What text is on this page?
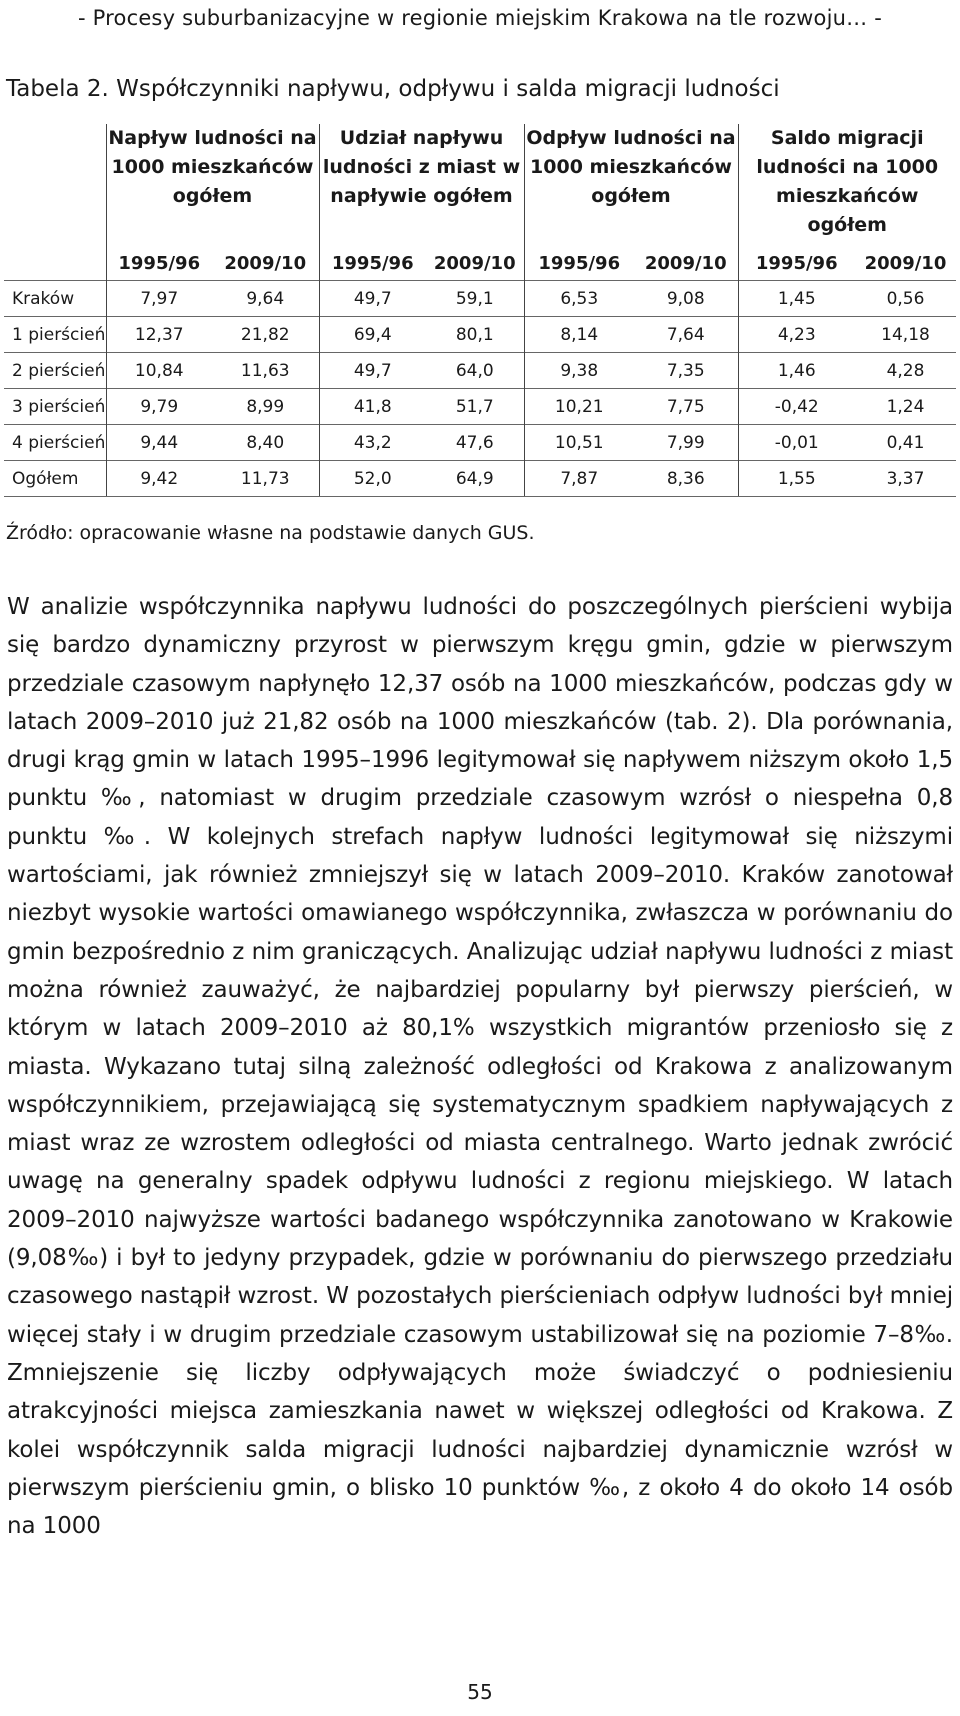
- Procesy suburbanizacyjne w regionie miejskim Krakowa na tle rozwoju… -
Tabela 2. Współczynniki napływu, odpływu i salda migracji ludności
	Napływ ludności na 1000 mieszkańców ogółem		Udział napływu ludności z miast w napływie ogółem		Odpływ ludności na 1000 mieszkańców ogółem		Saldo migracji ludności na 1000 mieszkańców ogółem	
	1995/96	2009/10	1995/96	2009/10	1995/96	2009/10	1995/96	2009/10
Kraków	7,97	9,64	49,7	59,1	6,53	9,08	1,45	0,56
1 pierścień	12,37	21,82	69,4	80,1	8,14	7,64	4,23	14,18
2 pierścień	10,84	11,63	49,7	64,0	9,38	7,35	1,46	4,28
3 pierścień	9,79	8,99	41,8	51,7	10,21	7,75	-0,42	1,24
4 pierścień	9,44	8,40	43,2	47,6	10,51	7,99	-0,01	0,41
Ogółem	9,42	11,73	52,0	64,9	7,87	8,36	1,55	3,37
Źródło: opracowanie własne na podstawie danych GUS.
W analizie współczynnika napływu ludności do poszczególnych pierścieni wybija się bardzo dynamiczny przyrost w pierwszym kręgu gmin, gdzie w pierwszym przedziale czasowym napłynęło 12,37 osób na 1000 mieszkańców, podczas gdy w latach 2009–2010 już 21,82 osób na 1000 mieszkańców (tab. 2). Dla porównania, drugi krąg gmin w latach 1995–1996 legitymował się napływem niższym około 1,5 punktu ‰, natomiast w drugim przedziale czasowym wzrósł o niespełna 0,8 punktu ‰. W kolejnych strefach napływ ludności legitymował się niższymi wartościami, jak również zmniejszył się w latach 2009–2010. Kraków zanotował niezbyt wysokie wartości omawianego współczynnika, zwłaszcza w porównaniu do gmin bezpośrednio z nim graniczących. Analizując udział napływu ludności z miast można również zauważyć, że najbardziej popularny był pierwszy pierścień, w którym w latach 2009–2010 aż 80,1% wszystkich migrantów przeniosło się z miasta. Wykazano tutaj silną zależność odległości od Krakowa z analizowanym współczynnikiem, przejawiającą się systematycznym spadkiem napływających z miast wraz ze wzrostem odległości od miasta centralnego. Warto jednak zwrócić uwagę na generalny spadek odpływu ludności z regionu miejskiego. W latach 2009–2010 najwyższe wartości badanego współczynnika zanotowano w Krakowie (9,08‰) i był to jedyny przypadek, gdzie w porównaniu do pierwszego przedziału czasowego nastąpił wzrost. W pozostałych pierścieniach odpływ ludności był mniej więcej stały i w drugim przedziale czasowym ustabilizował się na poziomie 7–8‰. Zmniejszenie się liczby odpływających może świadczyć o podniesieniu atrakcyjności miejsca zamieszkania nawet w większej odległości od Krakowa. Z kolei współczynnik salda migracji ludności najbardziej dynamicznie wzrósł w pierwszym pierścieniu gmin, o blisko 10 punktów ‰, z około 4 do około 14 osób na 1000
55
